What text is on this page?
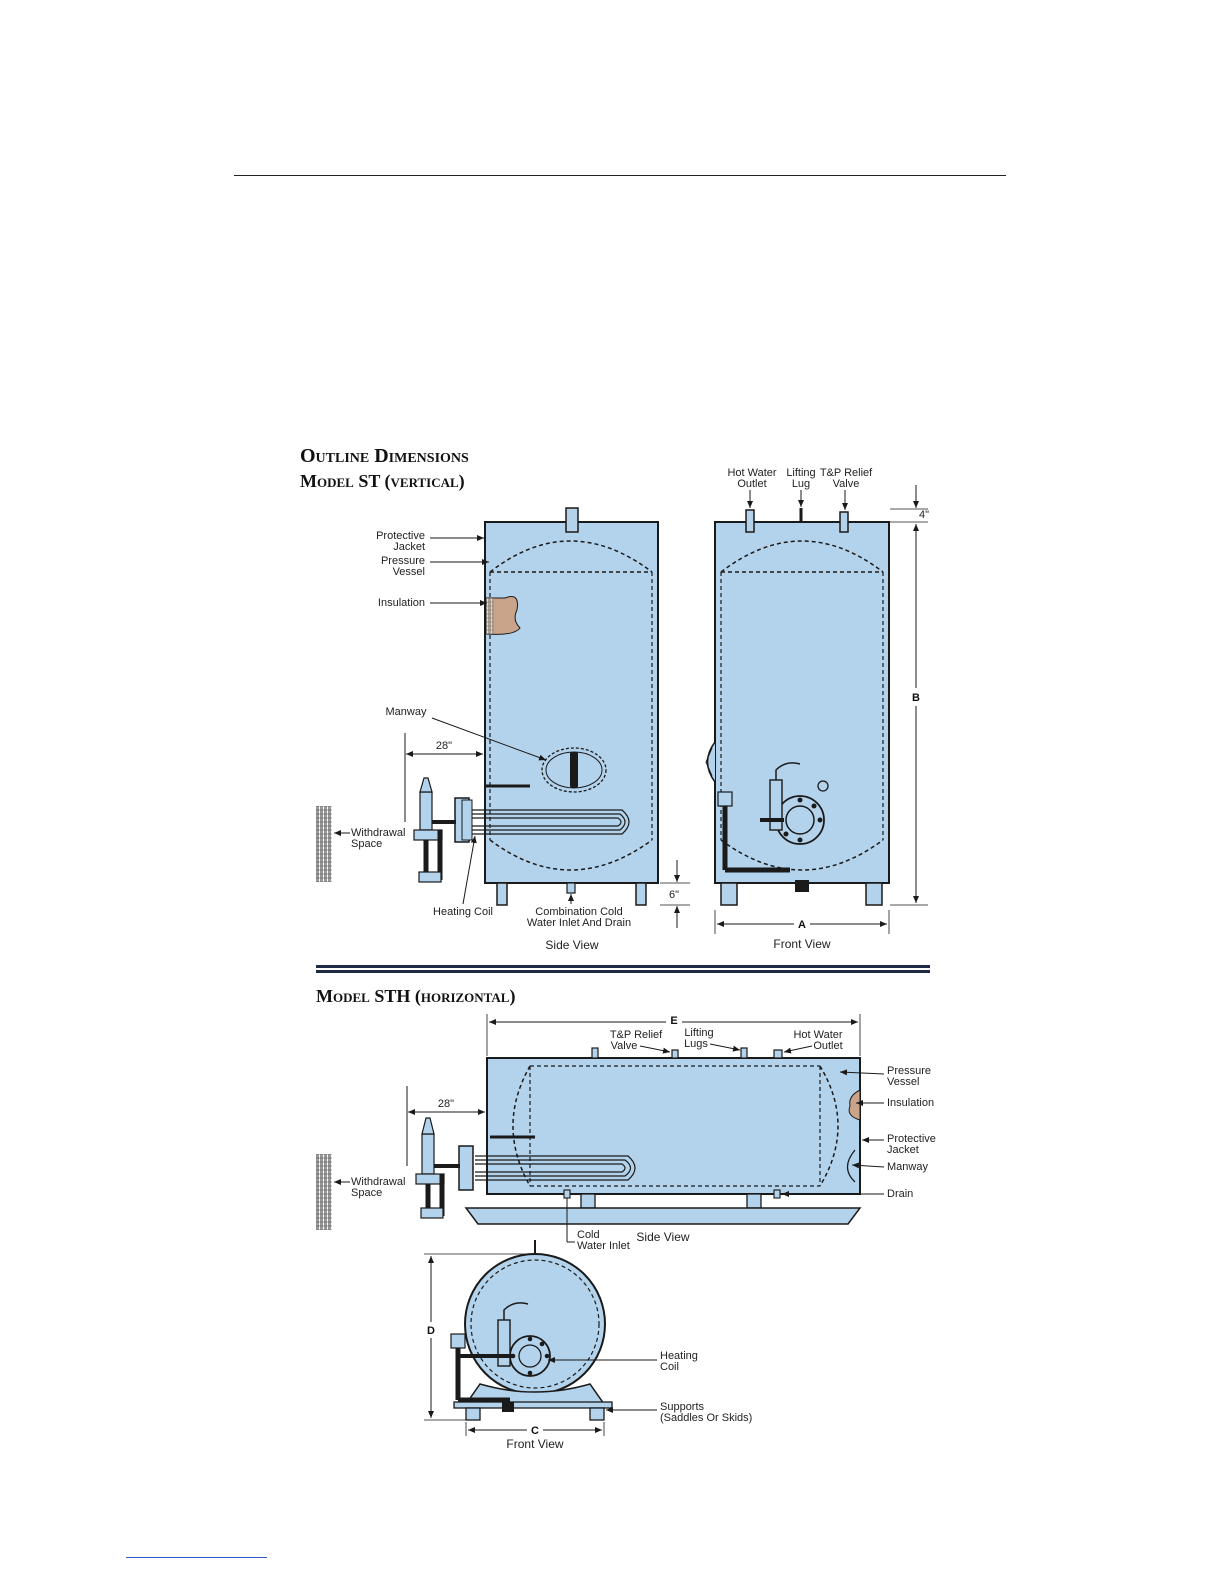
Outline Dimensions
Model ST (vertical)
Protective
Jacket
Pressure
Vessel
Insulation
Manway
28"
Withdrawal
Space
Heating Coil	Combination Cold
Water Inlet And Drain
6"
Side View
Hot Water
Outlet
Lifting
Lug
T&P Relief
Valve
4"
B
A
Front View
Model STH (horizontal)
Withdrawal
Space
28"
E
T&P Relief
Valve
Lifting
Lugs
Hot Water
Outlet
Pressure
Vessel
Insulation
Protective
Jacket
Manway
Drain
Cold
Water Inlet
Side View
D
C
Heating
Coil
Supports
(Saddles Or Skids)
Front View
